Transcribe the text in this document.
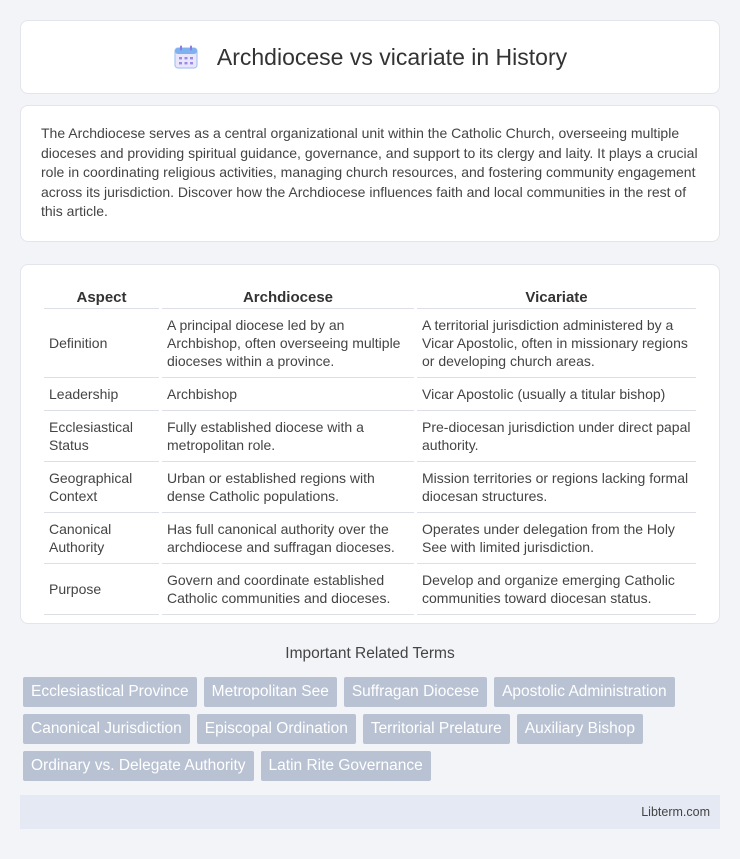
Archdiocese vs vicariate in History

The Archdiocese serves as a central organizational unit within the Catholic Church, overseeing multiple dioceses and providing spiritual guidance, governance, and support to its clergy and laity. It plays a crucial role in coordinating religious activities, managing church resources, and fostering community engagement across its jurisdiction. Discover how the Archdiocese influences faith and local communities in the rest of this article.

Aspect	Archdiocese	Vicariate
Definition	A principal diocese led by an Archbishop, often overseeing multiple dioceses within a province.	A territorial jurisdiction administered by a Vicar Apostolic, often in missionary regions or developing church areas.
Leadership	Archbishop	Vicar Apostolic (usually a titular bishop)
Ecclesiastical Status	Fully established diocese with a metropolitan role.	Pre-diocesan jurisdiction under direct papal authority.
Geographical Context	Urban or established regions with dense Catholic populations.	Mission territories or regions lacking formal diocesan structures.
Canonical Authority	Has full canonical authority over the archdiocese and suffragan dioceses.	Operates under delegation from the Holy See with limited jurisdiction.
Purpose	Govern and coordinate established Catholic communities and dioceses.	Develop and organize emerging Catholic communities toward diocesan status.
Important Related Terms
Ecclesiastical Province	Metropolitan See	Suffragan Diocese	Apostolic Administration
Canonical Jurisdiction	Episcopal Ordination	Territorial Prelature	Auxiliary Bishop
Ordinary vs. Delegate Authority	Latin Rite Governance
Libterm.com
